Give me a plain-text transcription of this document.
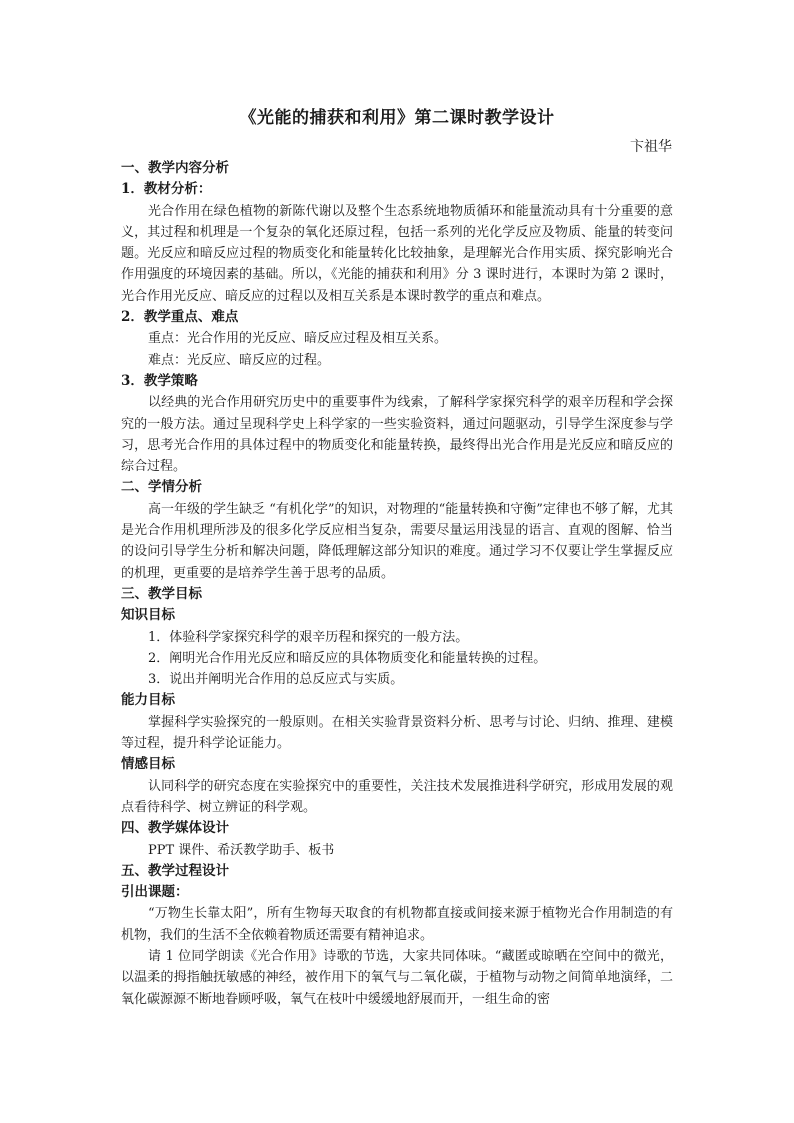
《光能的捕获和利用》第二课时教学设计
卞祖华
一、教学内容分析
1．教材分析：
光合作用在绿色植物的新陈代谢以及整个生态系统地物质循环和能量流动具有十分重要的意义，其过程和机理是一个复杂的氧化还原过程，包括一系列的光化学反应及物质、能量的转变问题。光反应和暗反应过程的物质变化和能量转化比较抽象，是理解光合作用实质、探究影响光合作用强度的环境因素的基础。所以，《光能的捕获和利用》分 3 课时进行，本课时为第 2 课时，光合作用光反应、暗反应的过程以及相互关系是本课时教学的重点和难点。
2．教学重点、难点
重点：光合作用的光反应、暗反应过程及相互关系。
难点：光反应、暗反应的过程。
3．教学策略
以经典的光合作用研究历史中的重要事件为线索，了解科学家探究科学的艰辛历程和学会探究的一般方法。通过呈现科学史上科学家的一些实验资料，通过问题驱动，引导学生深度参与学习，思考光合作用的具体过程中的物质变化和能量转换，最终得出光合作用是光反应和暗反应的综合过程。
二、学情分析
高一年级的学生缺乏 “有机化学”的知识，对物理的“能量转换和守衡”定律也不够了解，尤其是光合作用机理所涉及的很多化学反应相当复杂，需要尽量运用浅显的语言、直观的图解、恰当的设问引导学生分析和解决问题，降低理解这部分知识的难度。通过学习不仅要让学生掌握反应的机理，更重要的是培养学生善于思考的品质。
三、教学目标
知识目标
1．体验科学家探究科学的艰辛历程和探究的一般方法。
2．阐明光合作用光反应和暗反应的具体物质变化和能量转换的过程。
3．说出并阐明光合作用的总反应式与实质。
能力目标
掌握科学实验探究的一般原则。在相关实验背景资料分析、思考与讨论、归纳、推理、建模等过程，提升科学论证能力。
情感目标
认同科学的研究态度在实验探究中的重要性，关注技术发展推进科学研究，形成用发展的观点看待科学、树立辨证的科学观。
四、教学媒体设计
PPT 课件、希沃教学助手、板书
五、教学过程设计
引出课题：
“万物生长靠太阳”，所有生物每天取食的有机物都直接或间接来源于植物光合作用制造的有机物，我们的生活不全依赖着物质还需要有精神追求。
请 1 位同学朗读《光合作用》诗歌的节选，大家共同体味。“藏匿或晾晒在空间中的微光，以温柔的拇指触抚敏感的神经，被作用下的氧气与二氧化碳，于植物与动物之间简单地演绎，二氧化碳源源不断地眷顾呼吸，氧气在枝叶中缓缓地舒展而开，一组生命的密
